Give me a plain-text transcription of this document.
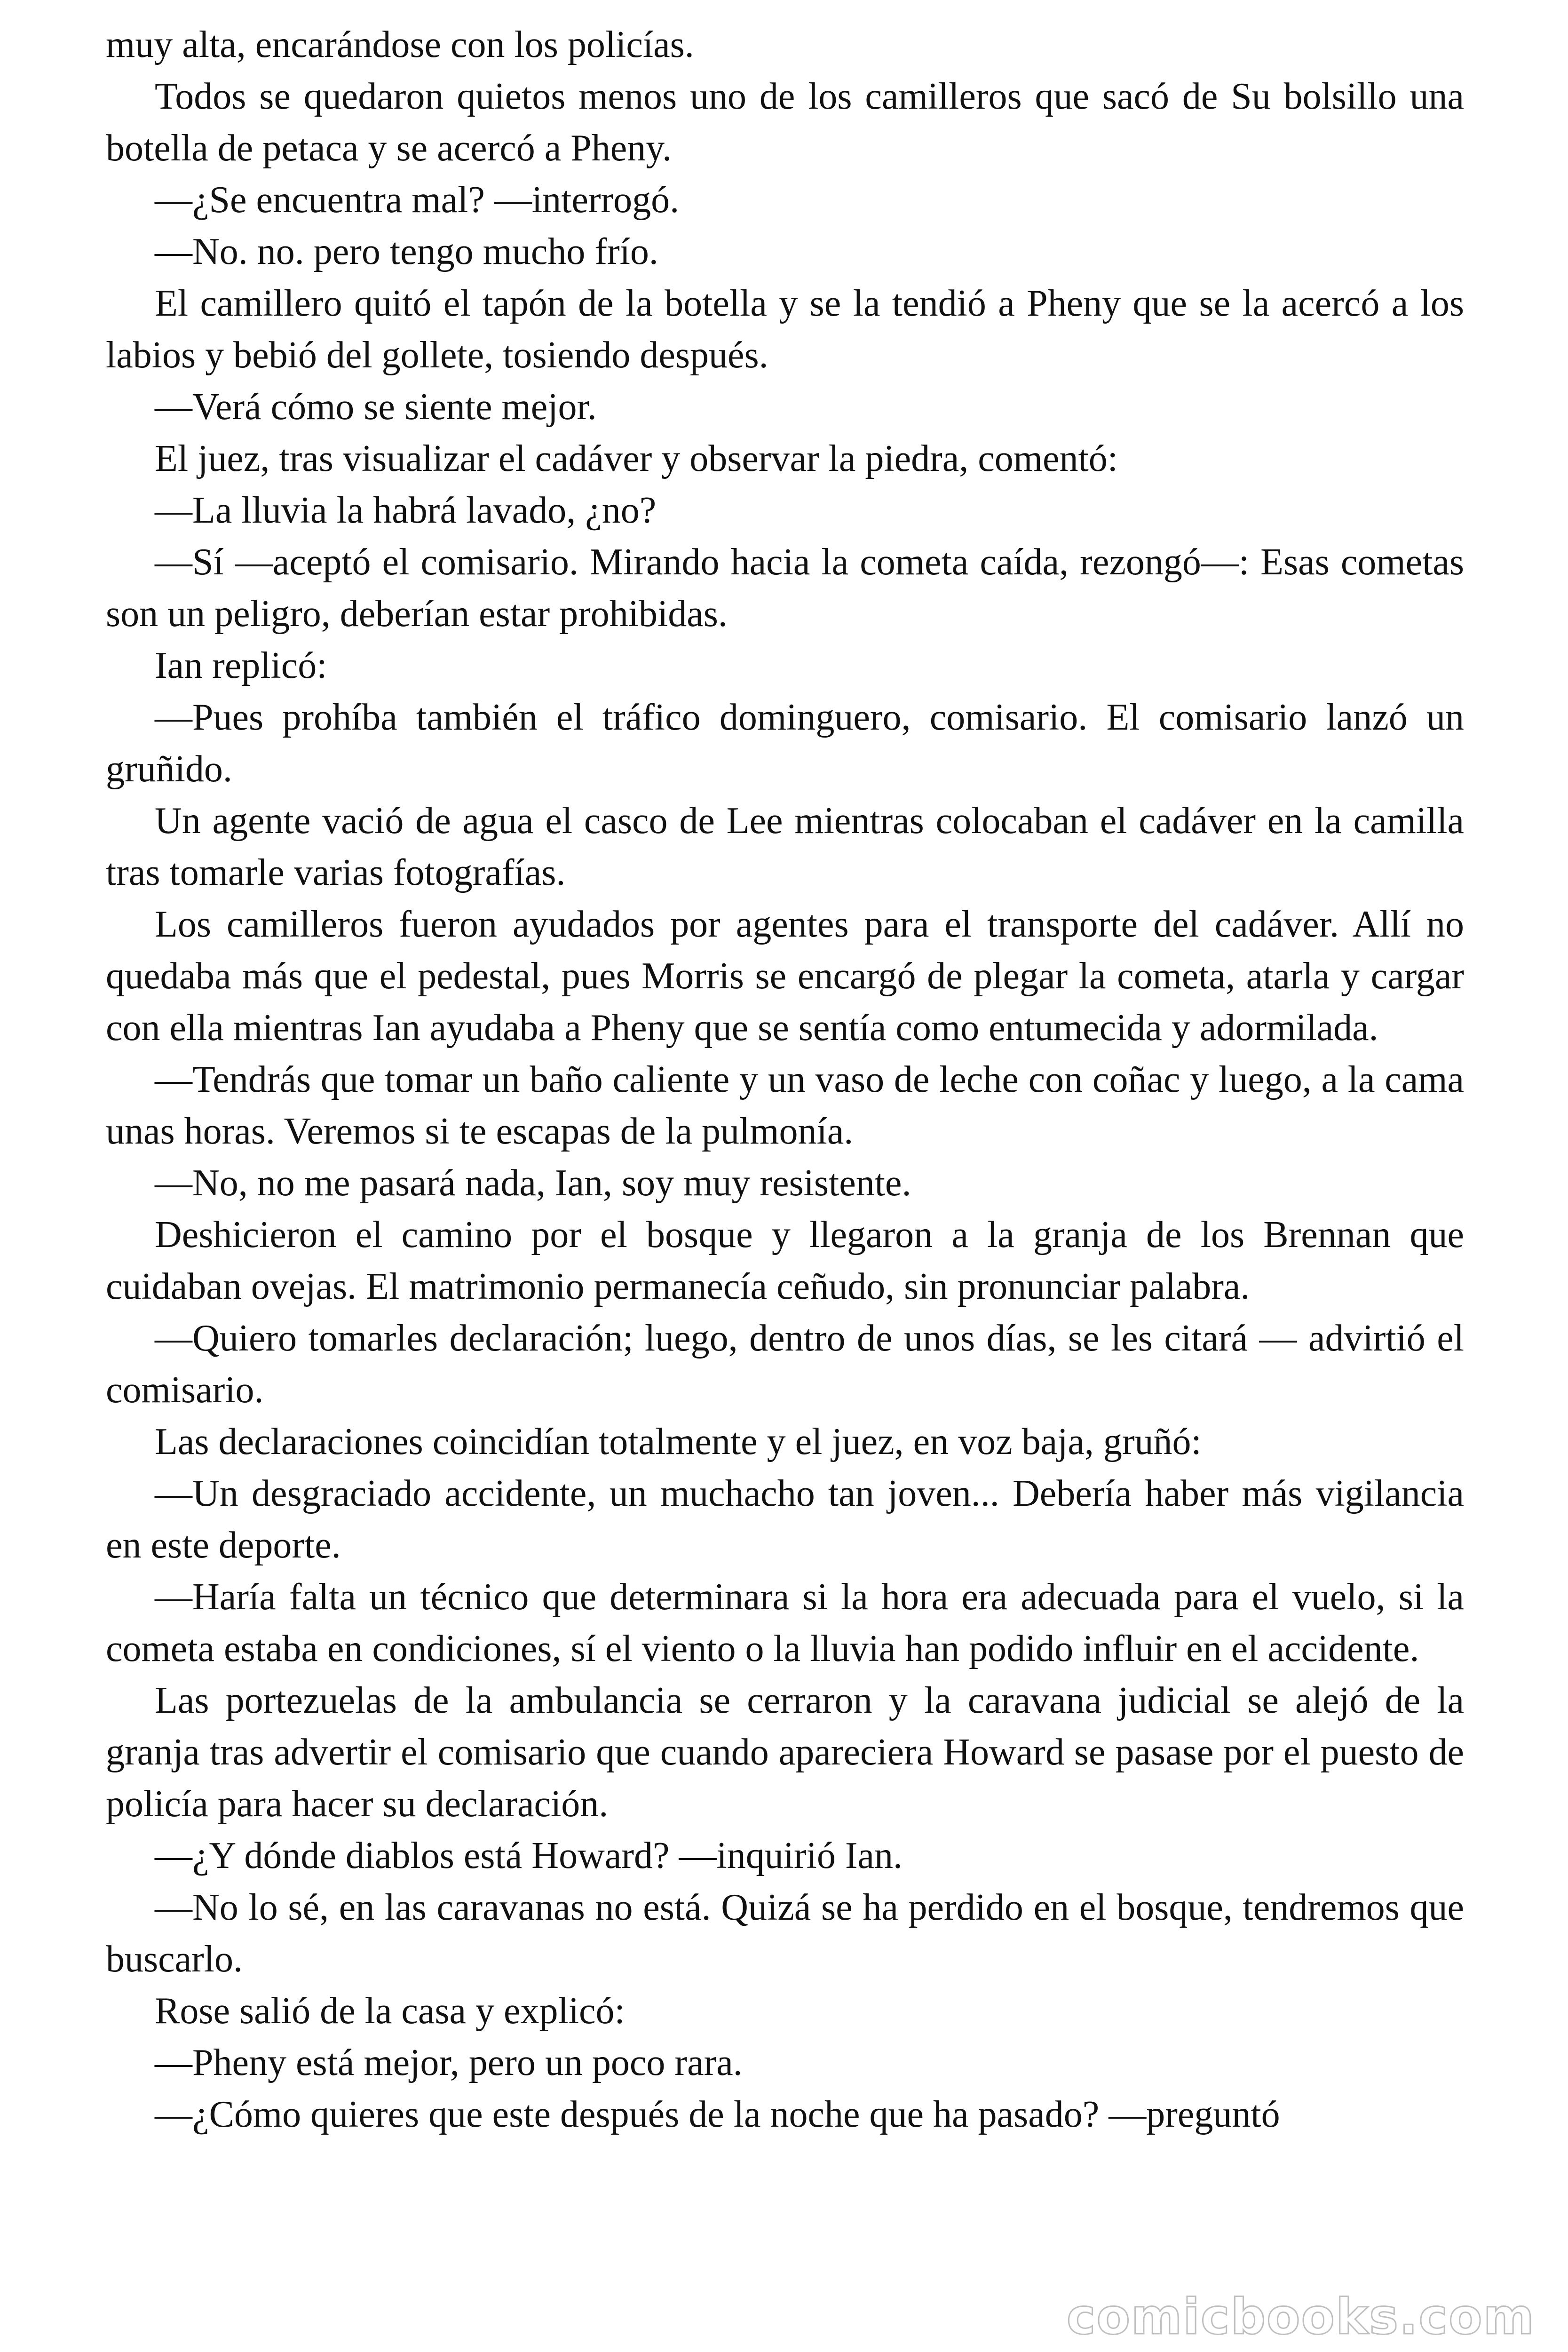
muy alta, encarándose con los policías.

Todos se quedaron quietos menos uno de los camilleros que sacó de Su bolsillo una botella de petaca y se acercó a Pheny.

—¿Se encuentra mal? —interrogó.

—No. no. pero tengo mucho frío.

El camillero quitó el tapón de la botella y se la tendió a Pheny que se la acercó a los labios y bebió del gollete, tosiendo después.

—Verá cómo se siente mejor.

El juez, tras visualizar el cadáver y observar la piedra, comentó:

—La lluvia la habrá lavado, ¿no?

—Sí —aceptó el comisario. Mirando hacia la cometa caída, rezongó—: Esas cometas son un peligro, deberían estar prohibidas.

Ian replicó:

—Pues prohíba también el tráfico dominguero, comisario. El comisario lanzó un gruñido.

Un agente vació de agua el casco de Lee mientras colocaban el cadáver en la camilla tras tomarle varias fotografías.

Los camilleros fueron ayudados por agentes para el transporte del cadáver. Allí no quedaba más que el pedestal, pues Morris se encargó de plegar la cometa, atarla y cargar con ella mientras Ian ayudaba a Pheny que se sentía como entumecida y adormilada.

—Tendrás que tomar un baño caliente y un vaso de leche con coñac y luego, a la cama unas horas. Veremos si te escapas de la pulmonía.

—No, no me pasará nada, Ian, soy muy resistente.

Deshicieron el camino por el bosque y llegaron a la granja de los Brennan que cuidaban ovejas. El matrimonio permanecía ceñudo, sin pronunciar palabra.

—Quiero tomarles declaración; luego, dentro de unos días, se les citará — advirtió el comisario.

Las declaraciones coincidían totalmente y el juez, en voz baja, gruñó:

—Un desgraciado accidente, un muchacho tan joven... Debería haber más vigilancia en este deporte.

—Haría falta un técnico que determinara si la hora era adecuada para el vuelo, si la cometa estaba en condiciones, sí el viento o la lluvia han podido influir en el accidente.

Las portezuelas de la ambulancia se cerraron y la caravana judicial se alejó de la granja tras advertir el comisario que cuando apareciera Howard se pasase por el puesto de policía para hacer su declaración.

—¿Y dónde diablos está Howard? —inquirió Ian.

—No lo sé, en las caravanas no está. Quizá se ha perdido en el bosque, tendremos que buscarlo.

Rose salió de la casa y explicó:

—Pheny está mejor, pero un poco rara.

—¿Cómo quieres que este después de la noche que ha pasado? —preguntó

comicbooks.com
